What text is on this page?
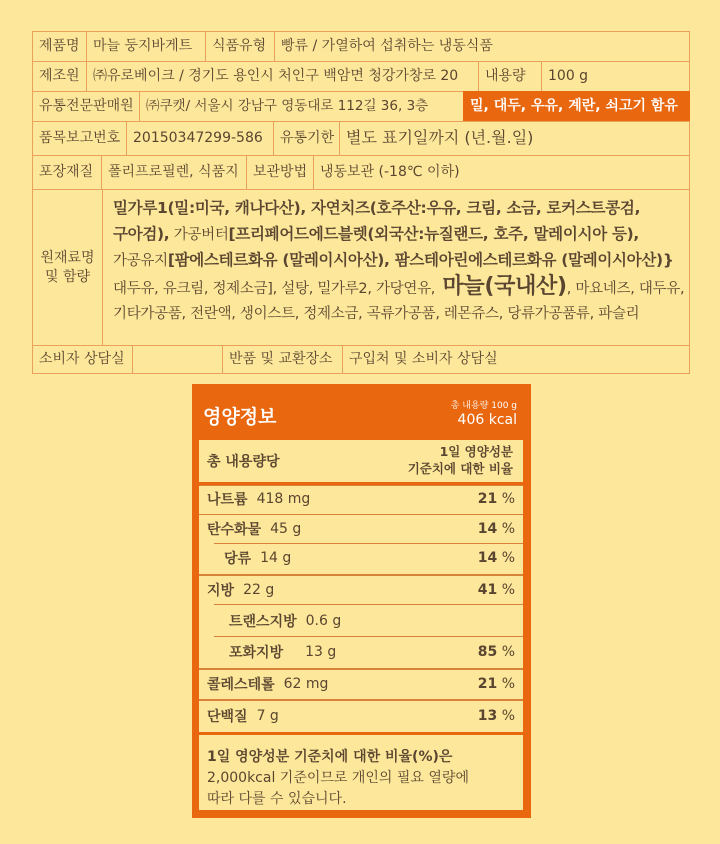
제품명 마늘 둥지바게트	식품유형	빵류 / 가열하여 섭취하는 냉동식품
제조원 ㈜유로베이크 / 경기도 용인시 처인구 백암면 청강가창로 20	내용량	100 g
유통전문판매원 ㈜쿠캣/ 서울시 강남구 영동대로 112길 36, 3층	밀, 대두, 우유, 계란, 쇠고기 함유
품목보고번호 20150347299-586	유통기한 별도 표기일까지 (년.월.일)
포장재질	폴리프로필렌, 식품지	보관방법 냉동보관 (-18℃ 이하)
원재료명
및 함량
밀가루1(밀:미국, 캐나다산), 자연치즈(호주산:우유, 크림, 소금, 로커스트콩검,
구아검), 가공버터[프리페어드에드블렛(외국산:뉴질랜드, 호주, 말레이시아 등),
가공유지[팜에스테르화유 (말레이시아산), 팜스테아린에스테르화유 (말레이시아산)}
대두유, 유크림, 정제소금], 설탕, 밀가루2, 가당연유, 마늘(국내산), 마요네즈, 대두유,
기타가공품, 전란액, 생이스트, 정제소금, 곡류가공품, 레몬쥬스, 당류가공품류, 파슬리
소비자 상담실	반품 및 교환장소	구입처 및 소비자 상담실
영양정보	총 내용량 100 g
406 kcal
총 내용량당
1일 영양성분
기준치에 대한 비율
나트륨 418 mg	21 %
탄수화물 45 g	14 %
당류 14 g	14 %
지방 22 g	41 %
트랜스지방 0.6 g
포화지방 13 g	85 %
콜레스테롤 62 mg	21 %
단백질 7 g	13 %
1일 영양성분 기준치에 대한 비율(%)은
2,000kcal 기준이므로 개인의 필요 열량에
따라 다를 수 있습니다.
